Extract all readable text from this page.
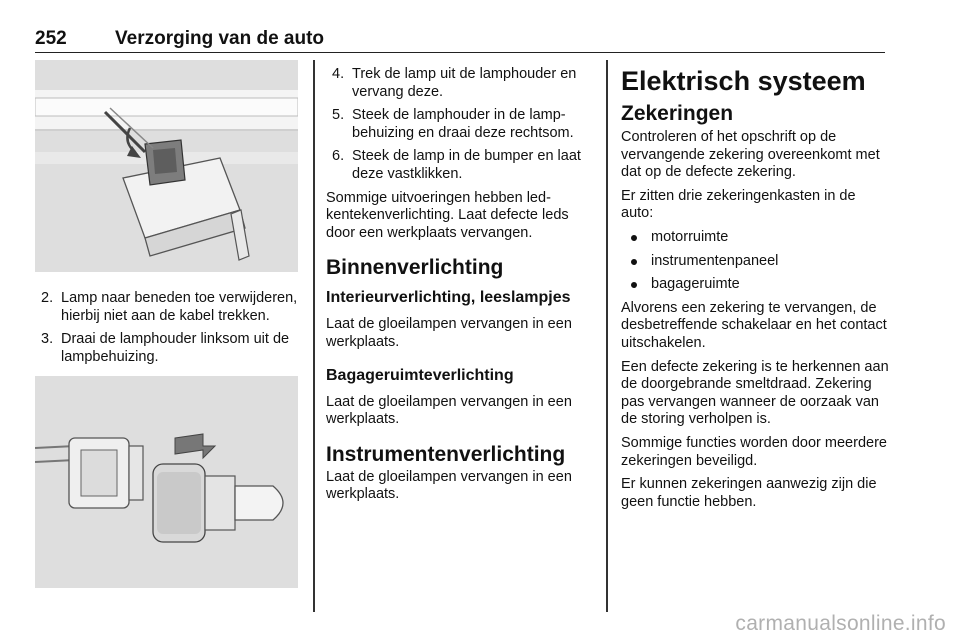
252	Verzorging van de auto
2. Lamp naar beneden toe verwijderen, hierbij niet aan de kabel trekken.
3. Draai de lamphouder linksom uit de lampbehuizing.
4. Trek de lamp uit de lamphouder en vervang deze.
5. Steek de lamphouder in de lampbehuizing en draai deze rechtsom.
6. Steek de lamp in de bumper en laat deze vastklikken.

Sommige uitvoeringen hebben led-kentekenverlichting. Laat defecte leds door een werkplaats vervangen.

Binnenverlichting
Interieurverlichting, leeslampjes

Laat de gloeilampen vervangen in een werkplaats.

Bagageruimteverlichting

Laat de gloeilampen vervangen in een werkplaats.

Instrumentenverlichting

Laat de gloeilampen vervangen in een werkplaats.

Elektrisch systeem
Zekeringen

Controleren of het opschrift op de vervangende zekering overeenkomt met dat op de defecte zekering.

Er zitten drie zekeringenkasten in de auto:

motorruimte
instrumentenpaneel
bagageruimte

Alvorens een zekering te vervangen, de desbetreffende schakelaar en het contact uitschakelen.

Een defecte zekering is te herkennen aan de doorgebrande smeltdraad. Zekering pas vervangen wanneer de oorzaak van de storing verholpen is.

Sommige functies worden door meerdere zekeringen beveiligd.

Er kunnen zekeringen aanwezig zijn die geen functie hebben.

carmanualsonline.info
